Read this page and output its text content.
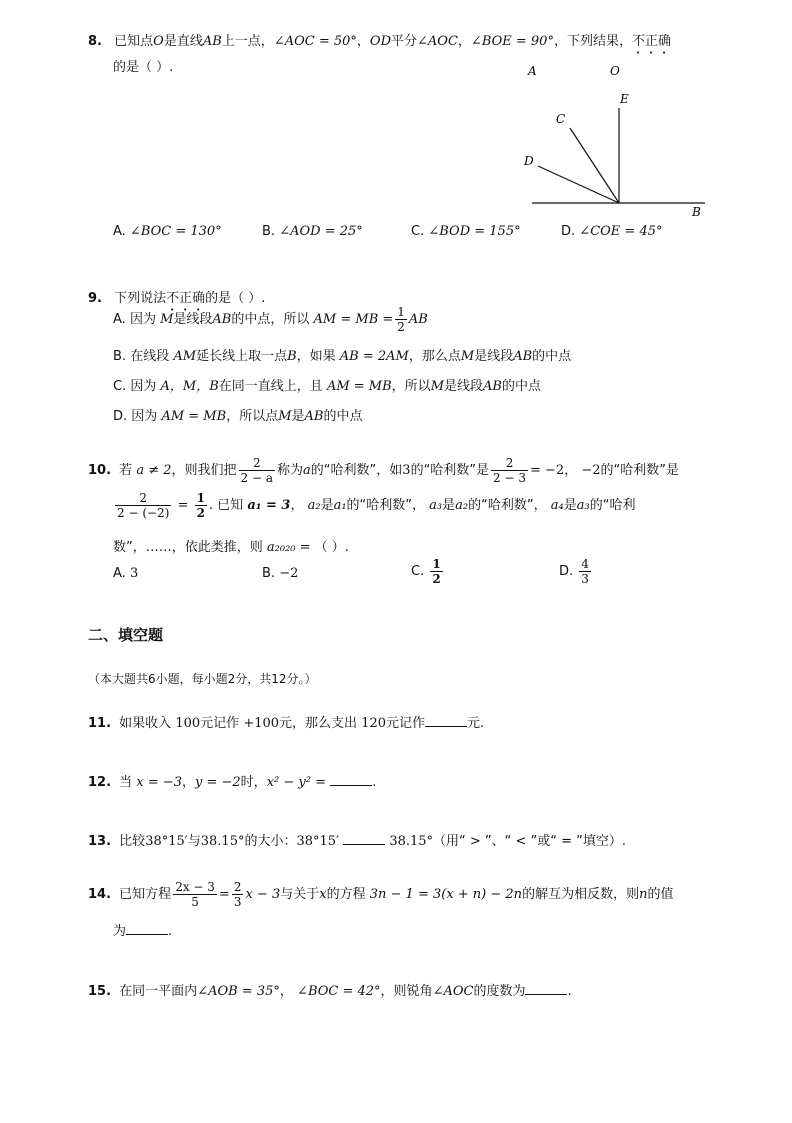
8. 已知点O是直线AB上一点，∠AOC = 50°，OD平分∠AOC，∠BOE = 90°，下列结果，不正确
的是（ ）.	A	O
E
C
D
B
A. ∠BOC = 130°	B. ∠AOD = 25°	C. ∠BOD = 155°	D. ∠COE = 45°
9. 下列说法不正确的是（ ）.
A. 因为 M是线段AB的中点，所以 AM = MB = $\frac{1}{2}$ AB
B. 在线段 AM延长线上取一点B，如果 AB = 2AM，那么点M是线段AB的中点
C. 因为 A，M，B在同一直线上，且 AM = MB，所以M是线段AB的中点
D. 因为 AM = MB，所以点M是AB的中点
10. 若 a ≠ 2，则我们把 $\frac{2}{2 - a}$ 称为a的“哈利数”，如3的“哈利数”是 $\frac{2}{2 - 3} = -2$， −2的“哈利数”是
$\frac{2}{2 - (-2)} = \frac{1}{2}$ . 已知 a₁ = 3， a₂是a₁的“哈利数”， a₃是a₂的“哈利数”， a₄是a₃的“哈利
数”，……，依此类推，则 a₂₀₂₀ = （ ）.
A. 3	B. −2	C. $\frac{1}{2}$	D. $\frac{4}{3}$
二、填空题
（本大题共6小题，每小题2分，共12分。）
11. 如果收入 100元记作 +100元，那么支出 120元记作	元.
12. 当 x = −3，y = −2时，x² − y² =	.
13. 比较38°15′与38.15°的大小：38°15′	38.15°（用“ > ”、“ < ”或“ = ”填空）.
14. 已知方程 $\frac{2x - 3}{5} = \frac{2}{3}$ x − 3与关于x的方程 3n − 1 = 3(x + n) − 2n的解互为相反数，则n的值
为	.
15. 在同一平面内∠AOB = 35°， ∠BOC = 42°，则锐角∠AOC的度数为	.
